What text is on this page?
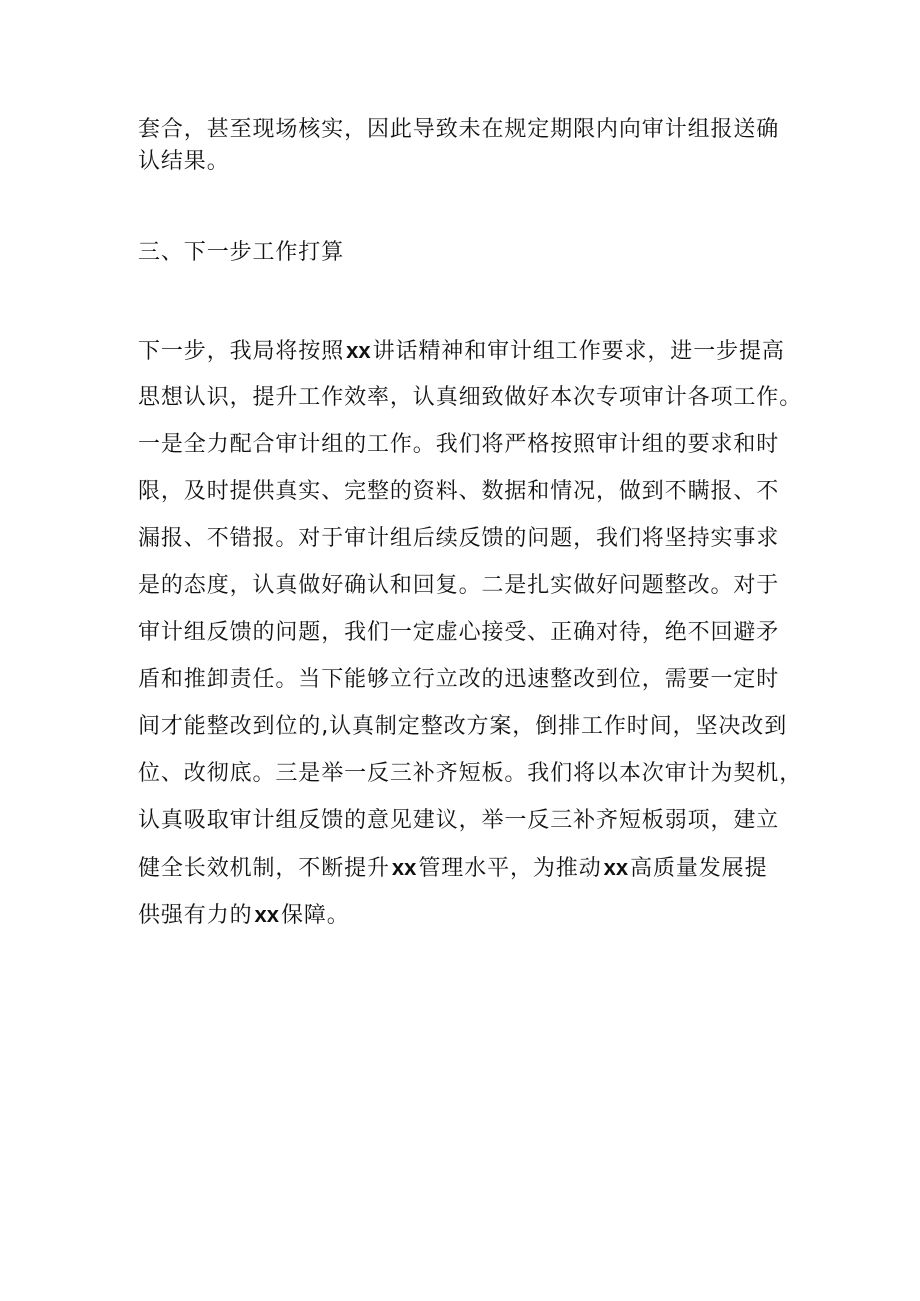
套合，甚至现场核实，因此导致未在规定期限内向审计组报送确
认结果。
三、下一步工作打算
下一步，我局将按照xx讲话精神和审计组工作要求，进一步提高
思想认识，提升工作效率，认真细致做好本次专项审计各项工作。
一是全力配合审计组的工作。我们将严格按照审计组的要求和时
限，及时提供真实、完整的资料、数据和情况，做到不瞒报、不
漏报、不错报。对于审计组后续反馈的问题，我们将坚持实事求
是的态度，认真做好确认和回复。二是扎实做好问题整改。对于
审计组反馈的问题，我们一定虚心接受、正确对待，绝不回避矛
盾和推卸责任。当下能够立行立改的迅速整改到位，需要一定时
间才能整改到位的,认真制定整改方案，倒排工作时间，坚决改到
位、改彻底。三是举一反三补齐短板。我们将以本次审计为契机，
认真吸取审计组反馈的意见建议，举一反三补齐短板弱项，建立
健全长效机制，不断提升xx管理水平，为推动xx高质量发展提
供强有力的xx保障。
